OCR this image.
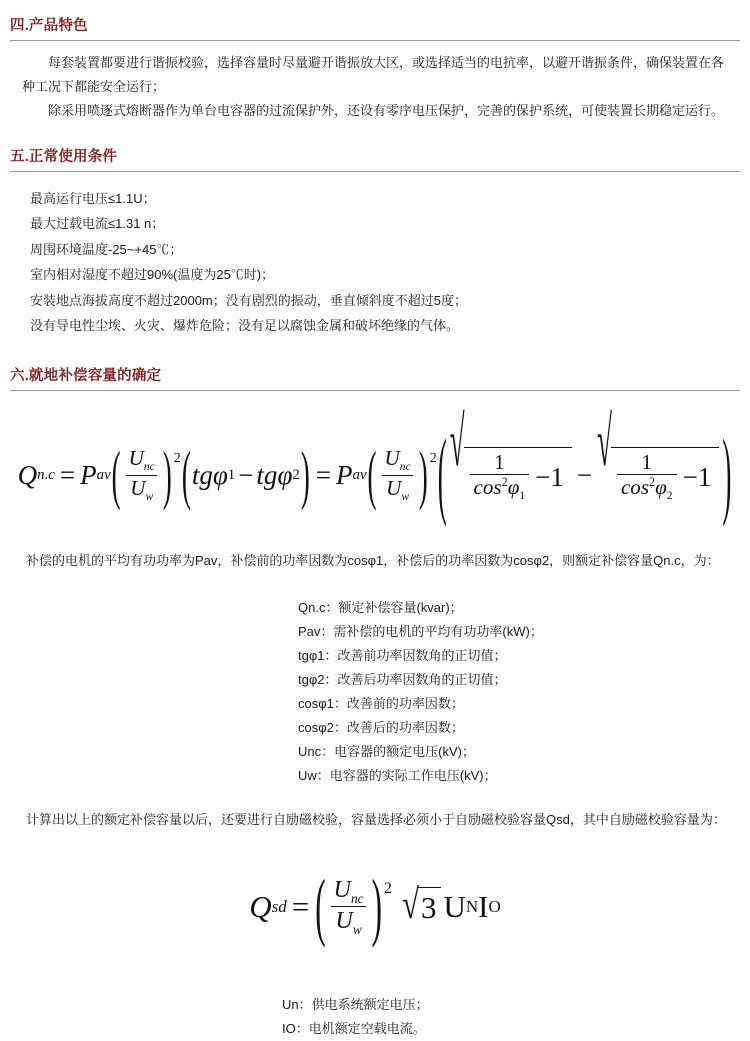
四.产品特色
每套装置都要进行谐振校验，选择容量时尽量避开谐振放大区，或选择适当的电抗率，以避开谐振条件，确保装置在各种工况下都能安全运行；
除采用喷逐式熔断器作为单台电容器的过流保护外，还设有零序电压保护，完善的保护系统，可使装置长期稳定运行。
五.正常使用条件
最高运行电压≤1.1U；
最大过载电流≤1.31 n；
周围环境温度-25~+45℃；
室内相对湿度不超过90%(温度为25℃时)；
安装地点海拔高度不超过2000m；没有剧烈的振动，垂直倾斜度不超过5度；
没有导电性尘埃、火灾、爆炸危险；没有足以腐蚀金属和破坏绝缘的气体。
六.就地补偿容量的确定
Q n.c = P av ( $\frac{U_{nc}}{U_w}$ ) 2 ( tg φ 1 − tg φ 2 ) = P av ( $\frac{U_{nc}}{U_w}$ ) 2 ( √ $\frac{1}{\cos^2\varphi_1} -1$ − √ $\frac{1}{\cos^2\varphi_2} -1$ )
补偿的电机的平均有功功率为Pav，补偿前的功率因数为cosφ1，补偿后的功率因数为cosφ2，则额定补偿容量Qn.c，为：
Qn.c：额定补偿容量(kvar)；
Pav：需补偿的电机的平均有功功率(kW)；
tgφ1：改善前功率因数角的正切值；
tgφ2：改善后功率因数角的正切值；
cosφ1：改善前的功率因数；
cosφ2：改善后的功率因数；
Unc：电容器的额定电压(kV)；
Uw：电容器的实际工作电压(kV)；
计算出以上的额定补偿容量以后，还要进行自励磁校验，容量选择必须小于自励磁校验容量Qsd，其中自励磁校验容量为：
Q sd = ( $\frac{U_{nc}}{U_w}$ ) 2 √ 3 U N I O
Un：供电系统额定电压；
IO：电机额定空载电流。
